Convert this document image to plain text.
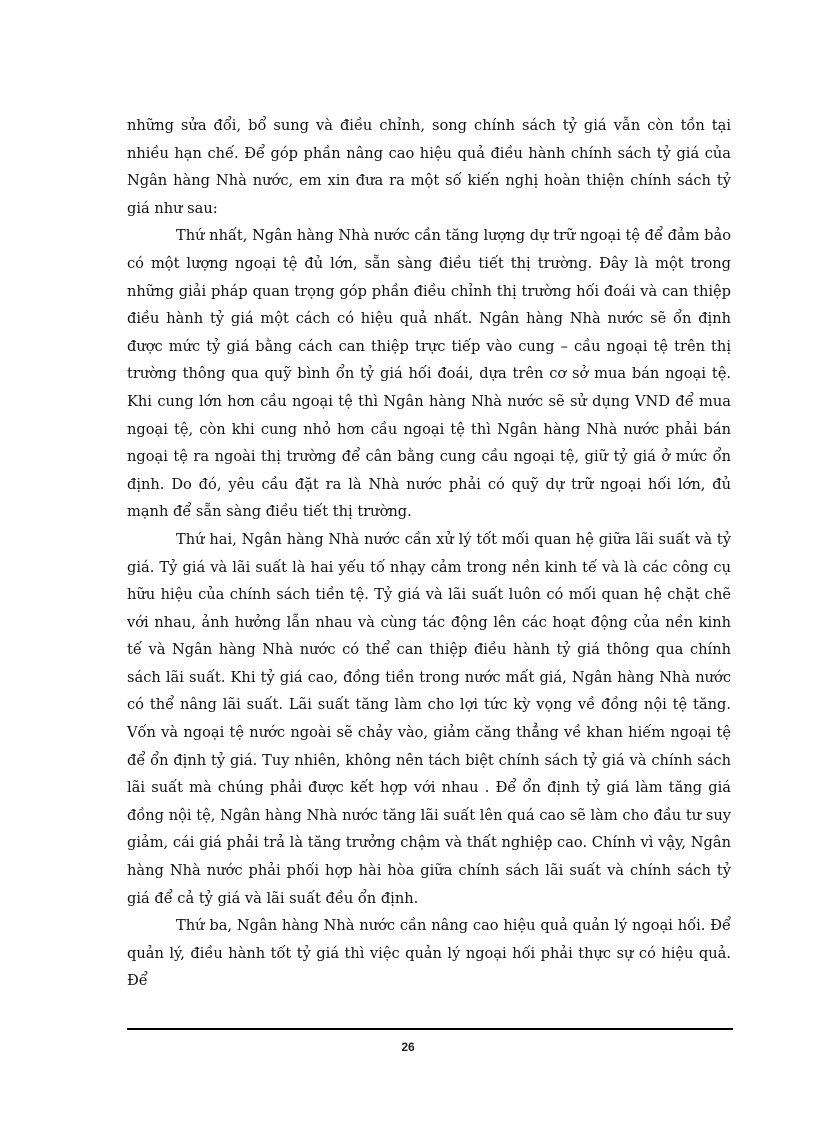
những sửa đổi, bổ sung và điều chỉnh, song chính sách tỷ giá vẫn còn tồn tại nhiều hạn chế. Để góp phần nâng cao hiệu quả điều hành chính sách tỷ giá của Ngân hàng Nhà nước, em xin đưa ra một số kiến nghị hoàn thiện chính sách tỷ giá như sau:

Thứ nhất, Ngân hàng Nhà nước cần tăng lượng dự trữ ngoại tệ để đảm bảo có một lượng ngoại tệ đủ lớn, sẵn sàng điều tiết thị trường. Đây là một trong những giải pháp quan trọng góp phần điều chỉnh thị trường hối đoái và can thiệp điều hành tỷ giá một cách có hiệu quả nhất. Ngân hàng Nhà nước sẽ ổn định được mức tỷ giá bằng cách can thiệp trực tiếp vào cung – cầu ngoại tệ trên thị trường thông qua quỹ bình ổn tỷ giá hối đoái, dựa trên cơ sở mua bán ngoại tệ. Khi cung lớn hơn cầu ngoại tệ thì Ngân hàng Nhà nước sẽ sử dụng VND để mua ngoại tệ, còn khi cung nhỏ hơn cầu ngoại tệ thì Ngân hàng Nhà nước phải bán ngoại tệ ra ngoài thị trường để cân bằng cung cầu ngoại tệ, giữ tỷ giá ở mức ổn định. Do đó, yêu cầu đặt ra là Nhà nước phải có quỹ dự trữ ngoại hối lớn, đủ mạnh để sẵn sàng điều tiết thị trường.

Thứ hai, Ngân hàng Nhà nước cần xử lý tốt mối quan hệ giữa lãi suất và tỷ giá. Tỷ giá và lãi suất là hai yếu tố nhạy cảm trong nền kinh tế và là các công cụ hữu hiệu của chính sách tiền tệ. Tỷ giá và lãi suất luôn có mối quan hệ chặt chẽ với nhau, ảnh hưởng lẫn nhau và cùng tác động lên các hoạt động của nền kinh tế và Ngân hàng Nhà nước có thể can thiệp điều hành tỷ giá thông qua chính sách lãi suất. Khi tỷ giá cao, đồng tiền trong nước mất giá, Ngân hàng Nhà nước có thể nâng lãi suất. Lãi suất tăng làm cho lợi tức kỳ vọng về đồng nội tệ tăng. Vốn và ngoại tệ nước ngoài sẽ chảy vào, giảm căng thẳng về khan hiếm ngoại tệ để ổn định tỷ giá. Tuy nhiên, không nên tách biệt chính sách tỷ giá và chính sách lãi suất mà chúng phải được kết hợp với nhau . Để ổn định tỷ giá làm tăng giá đồng nội tệ, Ngân hàng Nhà nước tăng lãi suất lên quá cao sẽ làm cho đầu tư suy giảm, cái giá phải trả là tăng trưởng chậm và thất nghiệp cao. Chính vì vậy, Ngân hàng Nhà nước phải phối hợp hài hòa giữa chính sách lãi suất và chính sách tỷ giá để cả tỷ giá và lãi suất đều ổn định.

Thứ ba, Ngân hàng Nhà nước cần nâng cao hiệu quả quản lý ngoại hối. Để quản lý, điều hành tốt tỷ giá thì việc quản lý ngoại hối phải thực sự có hiệu quả. Để

26
